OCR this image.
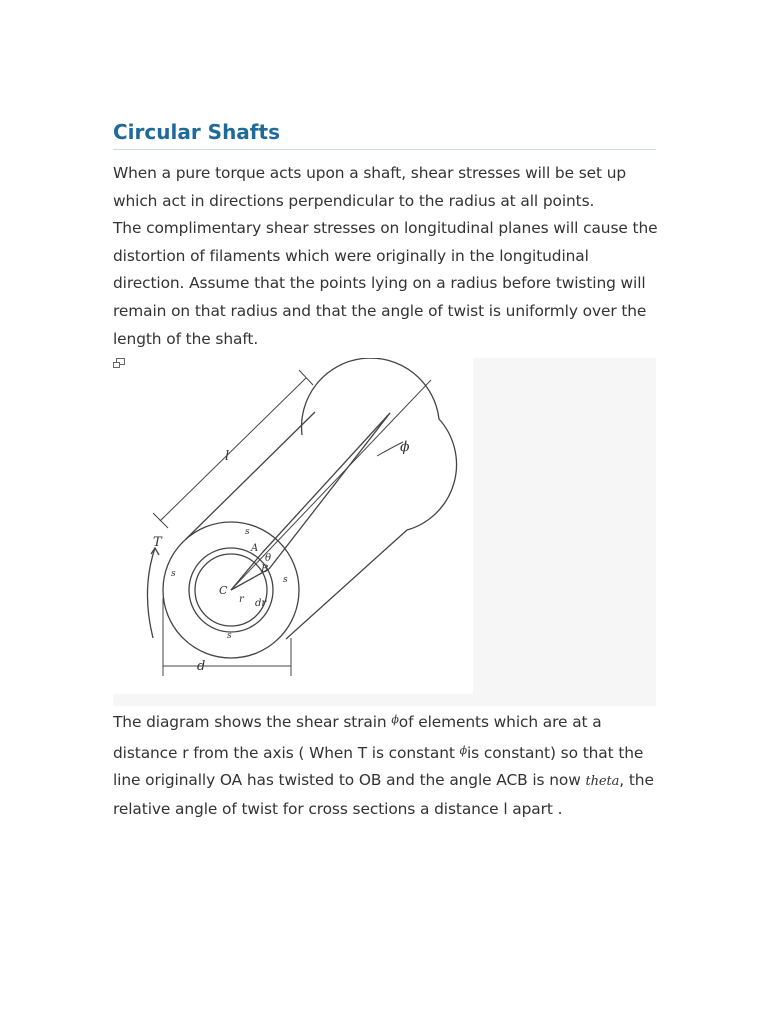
Circular Shafts

When a pure torque acts upon a shaft, shear stresses will be set up which act in directions perpendicular to the radius at all points.

The complimentary shear stresses on longitudinal planes will cause the distortion of filaments which were originally in the longitudinal direction. Assume that the points lying on a radius before twisting will remain on that radius and that the angle of twist is uniformly over the length of the shaft.

T
l
d
C
A
B
θ
ϕ
r dr
s
s
s
s

The diagram shows the shear strain $^\phi$of elements which are at a distance r from the axis ( When T is constant $^\phi$is constant) so that the line originally OA has twisted to OB and the angle ACB is now theta, the relative angle of twist for cross sections a distance l apart .
